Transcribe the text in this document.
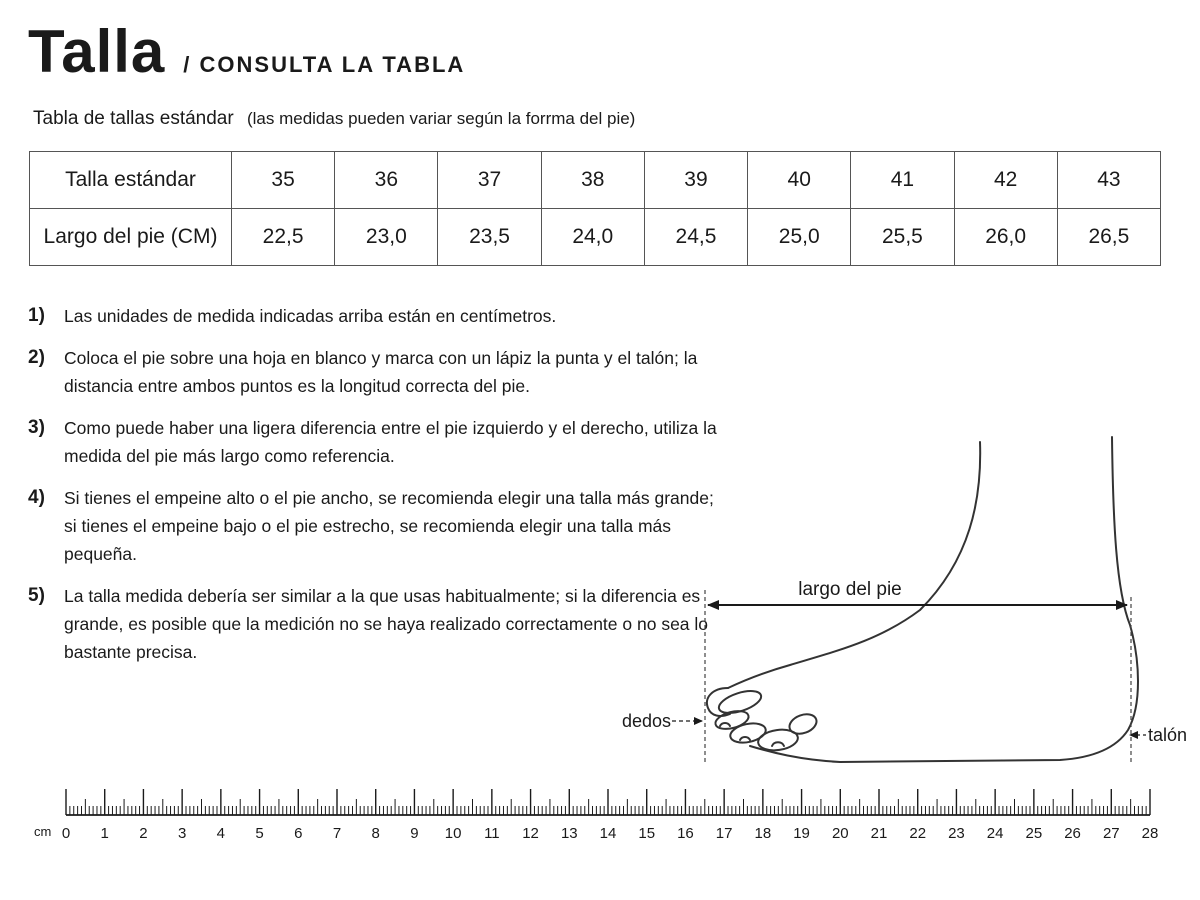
Talla / CONSULTA LA TABLA
Tabla de tallas estándar (las medidas pueden variar según la forrma del pie)
Talla estándar	35	36	37	38	39	40	41	42	43
Largo del pie (CM)	22,5	23,0	23,5	24,0	24,5	25,0	25,5	26,0	26,5
1)	Las unidades de medida indicadas arriba están en centímetros.
2)	Coloca el pie sobre una hoja en blanco y marca con un lápiz la punta y el talón; la distancia entre ambos puntos es la longitud correcta del pie.
3)	Como puede haber una ligera diferencia entre el pie izquierdo y el derecho, utiliza la medida del pie más largo como referencia.
4)	Si tienes el empeine alto o el pie ancho, se recomienda elegir una talla más grande; si tienes el empeine bajo o el pie estrecho, se recomienda elegir una talla más pequeña.
5)	La talla medida debería ser similar a la que usas habitualmente; si la diferencia es grande, es posible que la medición no se haya realizado correctamente o no sea lo bastante precisa.
largo del pie
dedos
talón
cm 0 1 2 3 4 5 6 7 8 9 10 11 12 13 14 15 16 17 18 19 20 21 22 23 24 25 26 27 28
